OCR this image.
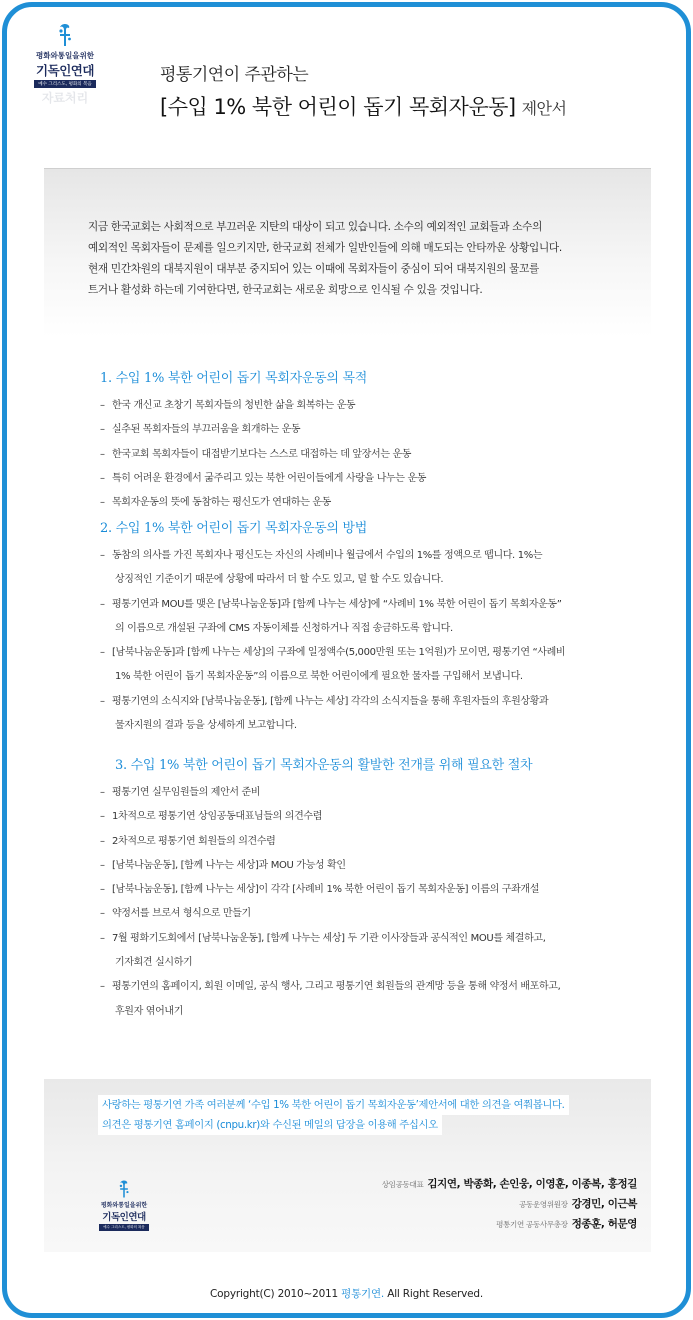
평화와통일을위한
기독인연대
예수 그리스도, 평화의 복음
자료처리
평통기연이 주관하는
[수입 1% 북한 어린이 돕기 목회자운동] 제안서

지금 한국교회는 사회적으로 부끄러운 지탄의 대상이 되고 있습니다. 소수의 예외적인 교회들과 소수의

예외적인 목회자들이 문제를 일으키지만, 한국교회 전체가 일반인들에 의해 매도되는 안타까운 상황입니다.

현재 민간차원의 대북지원이 대부분 중지되어 있는 이때에 목회자들이 중심이 되어 대북지원의 물꼬를

트거나 활성화 하는데 기여한다면, 한국교회는 새로운 희망으로 인식될 수 있을 것입니다.

1. 수입 1% 북한 어린이 돕기 목회자운동의 목적
– 한국 개신교 초창기 목회자들의 청빈한 삶을 회복하는 운동
– 실추된 목회자들의 부끄러움을 회개하는 운동
– 한국교회 목회자들이 대접받기보다는 스스로 대접하는 데 앞장서는 운동
– 특히 어려운 환경에서 굶주리고 있는 북한 어린이들에게 사랑을 나누는 운동
– 목회자운동의 뜻에 동참하는 평신도가 연대하는 운동
2. 수입 1% 북한 어린이 돕기 목회자운동의 방법
– 동참의 의사를 가진 목회자나 평신도는 자신의 사례비나 월급에서 수입의 1%를 정액으로 뗍니다. 1%는
상징적인 기준이기 때문에 상황에 따라서 더 할 수도 있고, 덜 할 수도 있습니다.
– 평통기연과 MOU를 맺은 [남북나눔운동]과 [함께 나누는 세상]에 “사례비 1% 북한 어린이 돕기 목회자운동”
의 이름으로 개설된 구좌에 CMS 자동이체를 신청하거나 직접 송금하도록 합니다.
– [남북나눔운동]과 [함께 나누는 세상]의 구좌에 일정액수(5,000만원 또는 1억원)가 모이면, 평통기연 “사례비
1% 북한 어린이 돕기 목회자운동”의 이름으로 북한 어린이에게 필요한 물자를 구입해서 보냅니다.
– 평통기연의 소식지와 [남북나눔운동], [함께 나누는 세상] 각각의 소식지들을 통해 후원자들의 후원상황과
물자지원의 결과 등을 상세하게 보고합니다.
3. 수입 1% 북한 어린이 돕기 목회자운동의 활발한 전개를 위해 필요한 절차
– 평통기연 실무임원들의 제안서 준비
– 1차적으로 평통기연 상임공동대표님들의 의견수렴
– 2차적으로 평통기연 회원들의 의견수렴
– [남북나눔운동], [함께 나누는 세상]과 MOU 가능성 확인
– [남북나눔운동], [함께 나누는 세상]이 각각 [사례비 1% 북한 어린이 돕기 목회자운동] 이름의 구좌개설
– 약정서를 브로셔 형식으로 만들기
– 7월 평화기도회에서 [남북나눔운동], [함께 나누는 세상] 두 기관 이사장들과 공식적인 MOU를 체결하고,
기자회견 실시하기
– 평통기연의 홈페이지, 회원 이메일, 공식 행사, 그리고 평통기연 회원들의 관계망 등을 통해 약정서 배포하고,
후원자 엮어내기
사랑하는 평통기연 가족 여러분께 ‘수입 1% 북한 어린이 돕기 목회자운동’제안서에 대한 의견을 여쭤봅니다.
의견은 평통기연 홈페이지 (cnpu.kr)와 수신된 메일의 답장을 이용해 주십시오
평화와통일을위한
기독인연대
예수 그리스도, 평화의 복음
상임공동대표 김지연, 박종화, 손인웅, 이영훈, 이종복, 홍정길
공동운영위원장 강경민, 이근복
평통기연 공동사무총장 정종훈, 허문영
Copyright(C) 2010~2011 평통기연. All Right Reserved.
